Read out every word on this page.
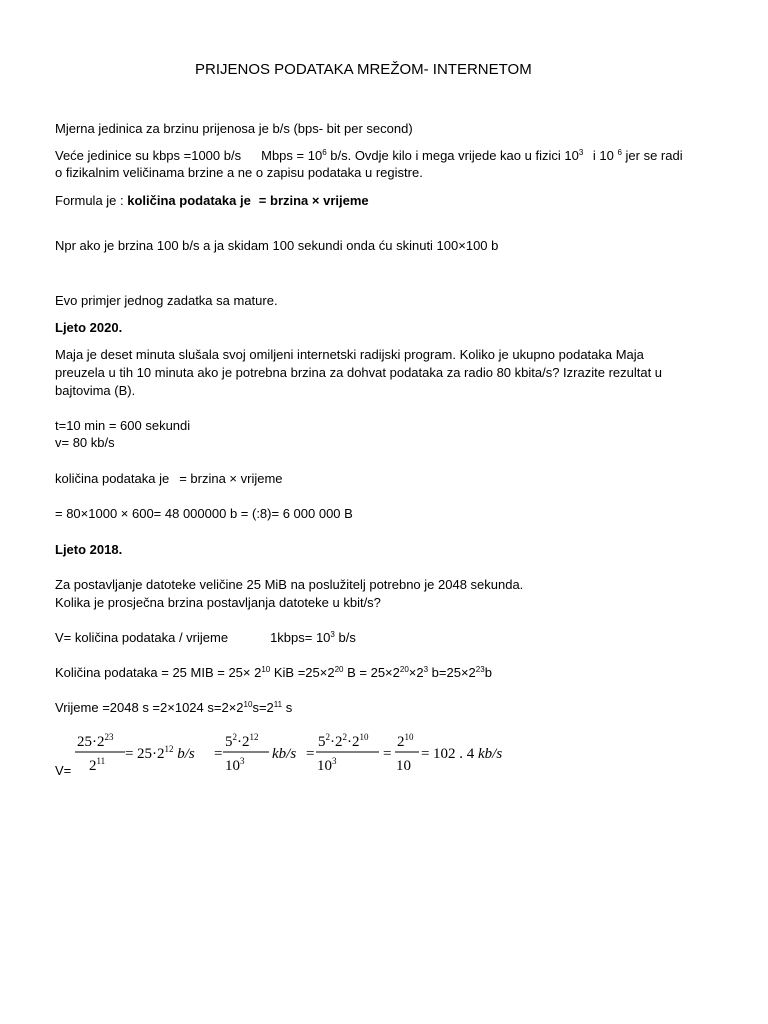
PRIJENOS PODATAKA MREŽOM- INTERNETOM
Mjerna jedinica za brzinu prijenosa je b/s (bps- bit per second)
Veće jedinice su kbps =1000 b/s Mbps = $10^6$ b/s. Ovdje kilo i mega vrijede kao u fizici $10^3$ i 10 $^6$ jer se radi
o fizikalnim veličinama brzine a ne o zapisu podataka u registre.
Formula je : količina podataka je = brzina × vrijeme
Npr ako je brzina 100 b/s a ja skidam 100 sekundi onda ću skinuti 100×100 b
Evo primjer jednog zadatka sa mature.
Ljeto 2020.
Maja je deset minuta slušala svoj omiljeni internetski radijski program. Koliko je ukupno podataka Maja
preuzela u tih 10 minuta ako je potrebna brzina za dohvat podataka za radio 80 kbita/s? Izrazite rezultat u
bajtovima (B).
t=10 min = 600 sekundi
v= 80 kb/s
količina podataka je = brzina × vrijeme
= 80×1000 × 600= 48 000000 b = (:8)= 6 000 000 B
Ljeto 2018.
Za postavljanje datoteke veličine 25 MiB na poslužitelj potrebno je 2048 sekunda.
Kolika je prosječna brzina postavljanja datoteke u kbit/s?
V= količina podataka / vrijeme	1kbps= $10^3$ b/s
Količina podataka = 25 MIB = $25\times 2^{10}$ KiB $=25\times 2^{20}$ $B = 25\times 2^{20}\times 2^3$ $b=25\times 2^{23}b$
Vrijeme =2048 s =2×1024 $s=2\times 2^{10}s=2^{11}$ s
V=
$25\cdot 2^{23}$
$2^{11} = 25\cdot 2^{12}$ b/s =
$5^2\cdot 2^{12}$
$10^3$ kb/s =
$5^2\cdot 2^2\cdot 2^{10}$
$10^3$	=
$2^{10}$
10
= 102 . 4 kb/s
